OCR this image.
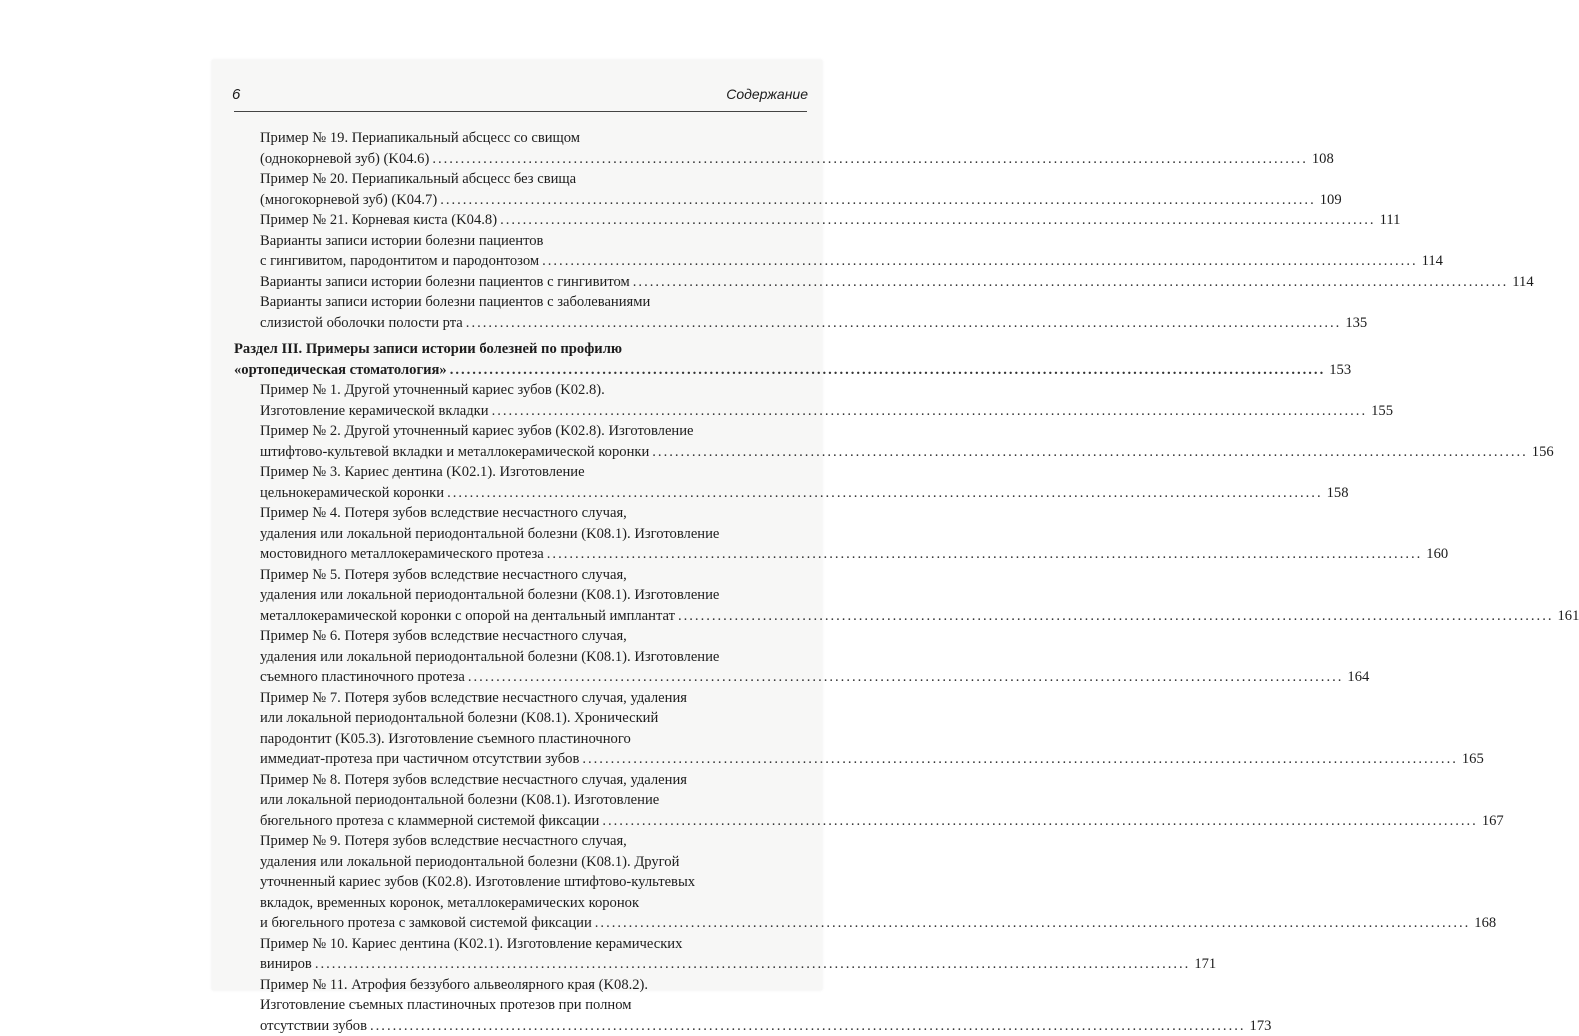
6	Содержание
Пример № 19. Периапикальный абсцесс со свищом
(однокорневой зуб) (K04.6) .....	108
Пример № 20. Периапикальный абсцесс без свища
(многокорневой зуб) (K04.7) .....	109
Пример № 21. Корневая киста (K04.8) .....	111
Варианты записи истории болезни пациентов
с гингивитом, пародонтитом и пародонтозом .....	114
Варианты записи истории болезни пациентов с гингивитом .....	114
Варианты записи истории болезни пациентов с заболеваниями
слизистой оболочки полости рта .....	135
Раздел III. Примеры записи истории болезней по профилю
«ортопедическая стоматология» .....	153
Пример № 1. Другой уточненный кариес зубов (K02.8).
Изготовление керамической вкладки .....	155
Пример № 2. Другой уточненный кариес зубов (K02.8). Изготовление
штифтово-культевой вкладки и металлокерамической коронки .....	156
Пример № 3. Кариес дентина (K02.1). Изготовление
цельнокерамической коронки .....	158
Пример № 4. Потеря зубов вследствие несчастного случая,
удаления или локальной периодонтальной болезни (K08.1). Изготовление
мостовидного металлокерамического протеза .....	160
Пример № 5. Потеря зубов вследствие несчастного случая,
удаления или локальной периодонтальной болезни (K08.1). Изготовление
металлокерамической коронки с опорой на дентальный имплантат .....	161
Пример № 6. Потеря зубов вследствие несчастного случая,
удаления или локальной периодонтальной болезни (K08.1). Изготовление
съемного пластиночного протеза .....	164
Пример № 7. Потеря зубов вследствие несчастного случая, удаления
или локальной периодонтальной болезни (K08.1). Хронический
пародонтит (K05.3). Изготовление съемного пластиночного
иммедиат-протеза при частичном отсутствии зубов .....	165
Пример № 8. Потеря зубов вследствие несчастного случая, удаления
или локальной периодонтальной болезни (K08.1). Изготовление
бюгельного протеза с кламмерной системой фиксации .....	167
Пример № 9. Потеря зубов вследствие несчастного случая,
удаления или локальной периодонтальной болезни (K08.1). Другой
уточненный кариес зубов (K02.8). Изготовление штифтово-культевых
вкладок, временных коронок, металлокерамических коронок
и бюгельного протеза с замковой системой фиксации .....	168
Пример № 10. Кариес дентина (K02.1). Изготовление керамических
виниров .....	171
Пример № 11. Атрофия беззубого альвеолярного края (K08.2).
Изготовление съемных пластиночных протезов при полном
отсутствии зубов .....	173
